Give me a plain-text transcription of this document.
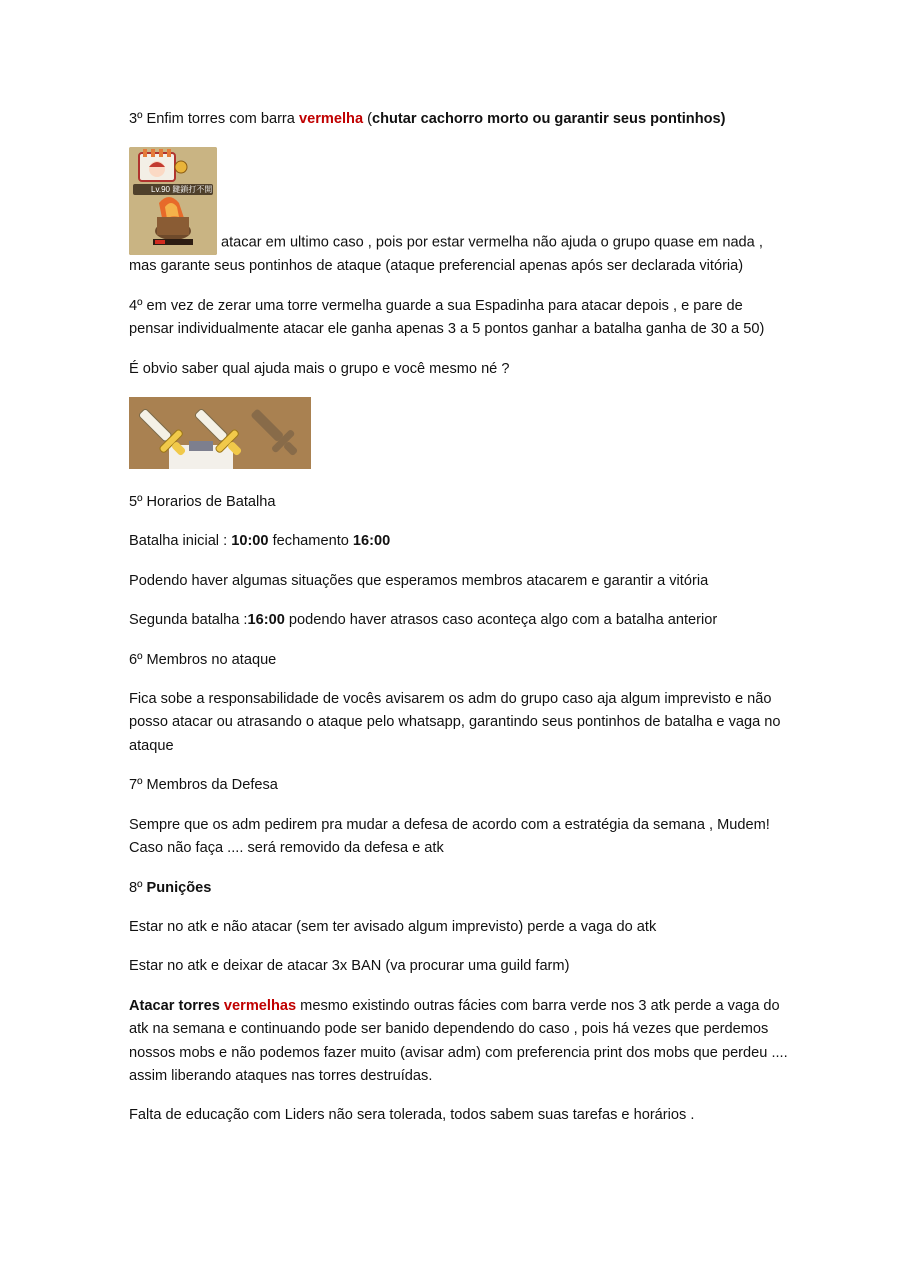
3º Enfim torres com barra vermelha (chutar cachorro morto ou garantir seus pontinhos)

Lv.90 鍵鎖打不開
atacar em ultimo caso , pois por estar vermelha não ajuda o grupo quase em nada , mas garante seus pontinhos de ataque (ataque preferencial apenas após ser declarada vitória)

4º em vez de zerar uma torre vermelha guarde a sua Espadinha para atacar depois , e pare de pensar individualmente atacar ele ganha apenas 3 a 5 pontos ganhar a batalha ganha de 30 a 50)

É obvio saber qual ajuda mais o grupo e você mesmo né ?

5º Horarios de Batalha

Batalha inicial : 10:00 fechamento 16:00

Podendo haver algumas situações que esperamos membros atacarem e garantir a vitória

Segunda batalha :16:00 podendo haver atrasos caso aconteça algo com a batalha anterior

6º Membros no ataque

Fica sobe a responsabilidade de vocês avisarem os adm do grupo caso aja algum imprevisto e não posso atacar ou atrasando o ataque pelo whatsapp, garantindo seus pontinhos de batalha e vaga no ataque

7º Membros da Defesa

Sempre que os adm pedirem pra mudar a defesa de acordo com a estratégia da semana , Mudem! Caso não faça .... será removido da defesa e atk

8º Punições

Estar no atk e não atacar (sem ter avisado algum imprevisto) perde a vaga do atk

Estar no atk e deixar de atacar 3x BAN (va procurar uma guild farm)

Atacar torres vermelhas mesmo existindo outras fácies com barra verde nos 3 atk perde a vaga do atk na semana e continuando pode ser banido dependendo do caso , pois há vezes que perdemos nossos mobs e não podemos fazer muito (avisar adm) com preferencia print dos mobs que perdeu .... assim liberando ataques nas torres destruídas.

Falta de educação com Liders não sera tolerada, todos sabem suas tarefas e horários .
